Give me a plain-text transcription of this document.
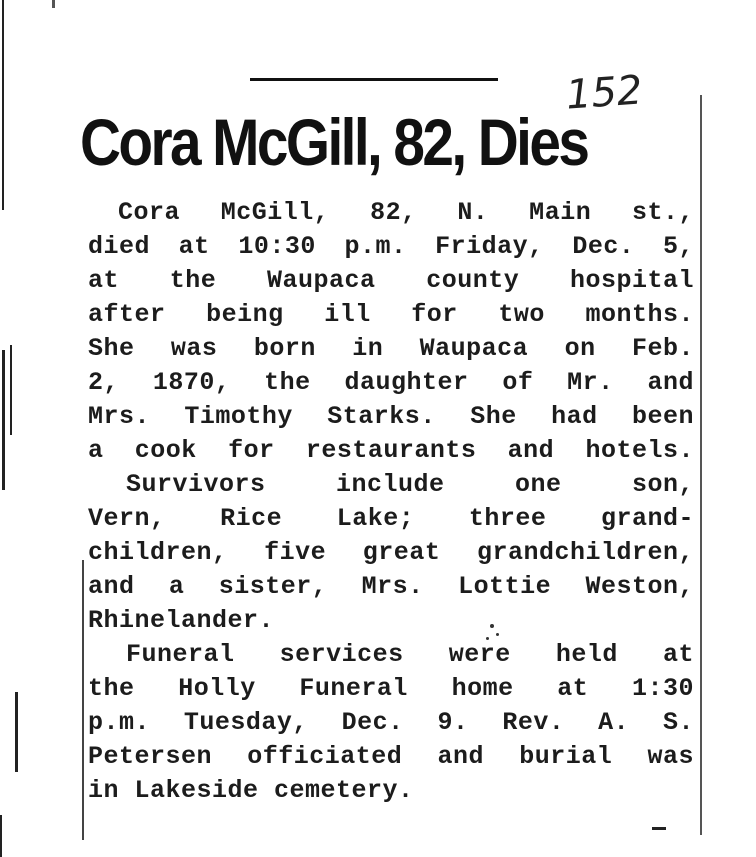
Cora McGill, 82, Dies
152
Cora McGill, 82, N. Main st.,
died at 10:30 p.m. Friday, Dec. 5,
at the Waupaca county hospital
after being ill for two months.
She was born in Waupaca on Feb.
2, 1870, the daughter of Mr. and
Mrs. Timothy Starks. She had been
a cook for restaurants and hotels.
Survivors include one son,
Vern, Rice Lake; three grand-
children, five great grandchildren,
and a sister, Mrs. Lottie Weston,
Rhinelander.
Funeral services were held at
the Holly Funeral home at 1:30
p.m. Tuesday, Dec. 9. Rev. A. S.
Petersen officiated and burial was
in Lakeside cemetery.
